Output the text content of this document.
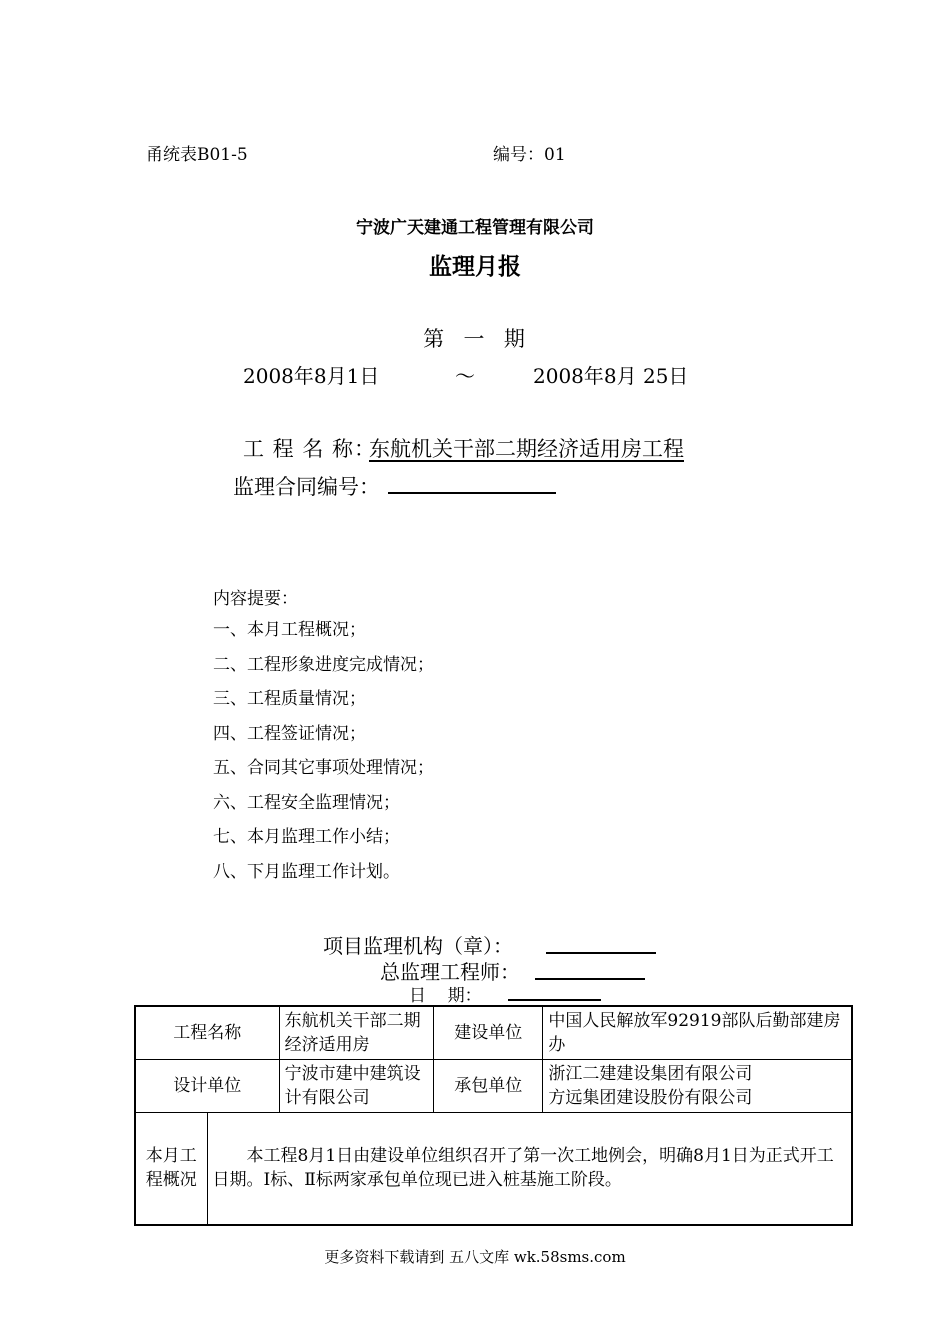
甬统表B01-5	编号：01
宁波广天建通工程管理有限公司
监理月报
第  一  期
2008年8月1日	～	2008年8月 25日
工 程 名 称：
东航机关干部二期经济适用房工程
监理合同编号：
内容提要：
一、本月工程概况；
二、工程形象进度完成情况；
三、工程质量情况；
四、工程签证情况；
五、合同其它事项处理情况；
六、工程安全监理情况；
七、本月监理工作小结；
八、下月监理工作计划。
项目监理机构（章）：
总监理工程师：
日    期：
工程名称		东航机关干部二期经济适用房	建设单位	中国人民解放军92919部队后勤部建房办
设计单位		宁波市建中建筑设计有限公司	承包单位	浙江二建建设集团有限公司
方远集团建设股份有限公司

本月工程概况	本工程8月1日由建设单位组织召开了第一次工地例会，明确8月1日为正式开工日期。Ⅰ标、Ⅱ标两家承包单位现已进入桩基施工阶段。			
更多资料下载请到 五八文库 wk.58sms.com
